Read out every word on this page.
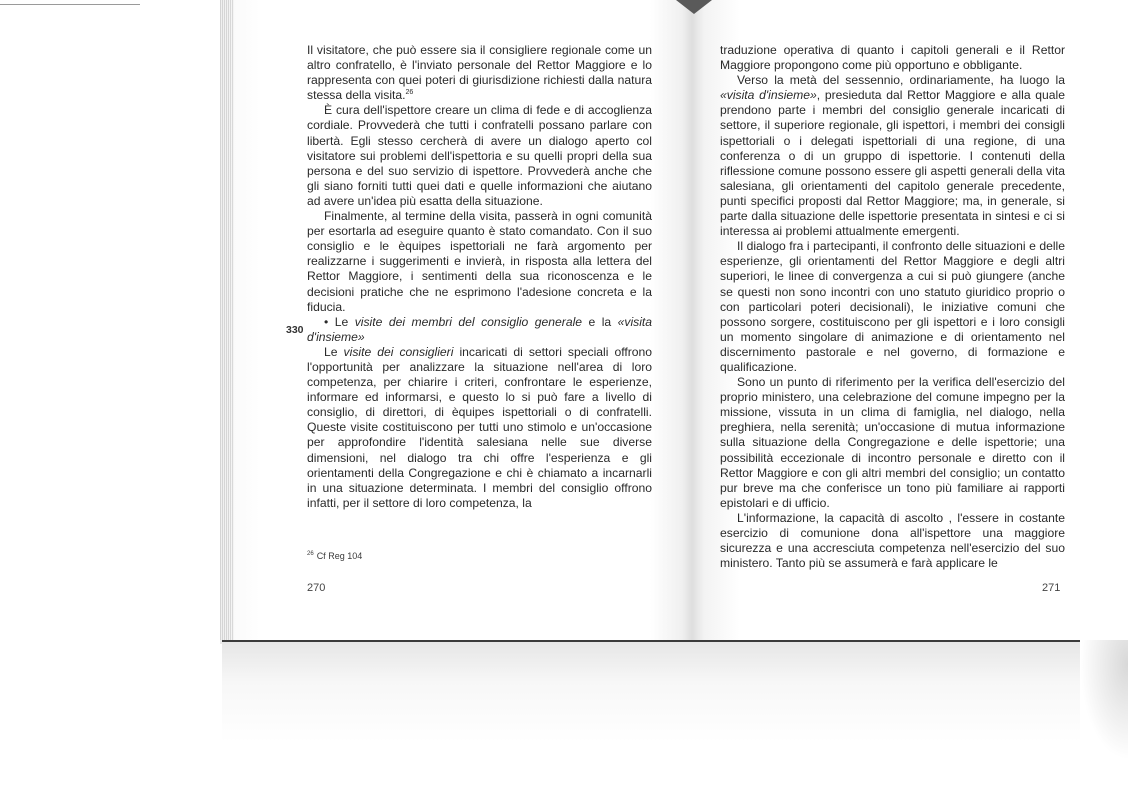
Il visitatore, che può essere sia il consigliere regionale come un altro confratello, è l'inviato personale del Rettor Maggiore e lo rappresenta con quei poteri di giurisdizione richiesti dalla natura stessa della visita.$^{26}$

È cura dell'ispettore creare un clima di fede e di accoglienza cordiale. Provvederà che tutti i confratelli possano parlare con libertà. Egli stesso cercherà di avere un dialogo aperto col visitatore sui problemi dell'ispettoria e su quelli propri della sua persona e del suo servizio di ispettore. Provvederà anche che gli siano forniti tutti quei dati e quelle informazioni che aiutano ad avere un'idea più esatta della situazione.

Finalmente, al termine della visita, passerà in ogni comunità per esortarla ad eseguire quanto è stato comandato. Con il suo consiglio e le èquipes ispettoriali ne farà argomento per realizzarne i suggerimenti e invierà, in risposta alla lettera del Rettor Maggiore, i sentimenti della sua riconoscenza e le decisioni pratiche che ne esprimono l'adesione concreta e la fiducia.

• Le visite dei membri del consiglio generale e la «visita d'insieme»

Le visite dei consiglieri incaricati di settori speciali offrono l'opportunità per analizzare la situazione nell'area di loro competenza, per chiarire i criteri, confrontare le esperienze, informare ed informarsi, e questo lo si può fare a livello di consiglio, di direttori, di èquipes ispettoriali o di confratelli. Queste visite costituiscono per tutti uno stimolo e un'occasione per approfondire l'identità salesiana nelle sue diverse dimensioni, nel dialogo tra chi offre l'esperienza e gli orientamenti della Congregazione e chi è chiamato a incarnarli in una situazione determinata. I membri del consiglio offrono infatti, per il settore di loro competenza, la

330
$^{26}$ Cf Reg 104
270

traduzione operativa di quanto i capitoli generali e il Rettor Maggiore propongono come più opportuno e obbligante.

Verso la metà del sessennio, ordinariamente, ha luogo la «visita d'insieme», presieduta dal Rettor Maggiore e alla quale prendono parte i membri del consiglio generale incaricati di settore, il superiore regionale, gli ispettori, i membri dei consigli ispettoriali o i delegati ispettoriali di una regione, di una conferenza o di un gruppo di ispettorie. I contenuti della riflessione comune possono essere gli aspetti generali della vita salesiana, gli orientamenti del capitolo generale precedente, punti specifici proposti dal Rettor Maggiore; ma, in generale, si parte dalla situazione delle ispettorie presentata in sintesi e ci si interessa ai problemi attualmente emergenti.

Il dialogo fra i partecipanti, il confronto delle situazioni e delle esperienze, gli orientamenti del Rettor Maggiore e degli altri superiori, le linee di convergenza a cui si può giungere (anche se questi non sono incontri con uno statuto giuridico proprio o con particolari poteri decisionali), le iniziative comuni che possono sorgere, costituiscono per gli ispettori e i loro consigli un momento singolare di animazione e di orientamento nel discernimento pastorale e nel governo, di formazione e qualificazione.

Sono un punto di riferimento per la verifica dell'esercizio del proprio ministero, una celebrazione del comune impegno per la missione, vissuta in un clima di famiglia, nel dialogo, nella preghiera, nella serenità; un'occasione di mutua informazione sulla situazione della Congregazione e delle ispettorie; una possibilità eccezionale di incontro personale e diretto con il Rettor Maggiore e con gli altri membri del consiglio; un contatto pur breve ma che conferisce un tono più familiare ai rapporti epistolari e di ufficio.

L'informazione, la capacità di ascolto , l'essere in costante esercizio di comunione dona all'ispettore una maggiore sicurezza e una accresciuta competenza nell'esercizio del suo ministero. Tanto più se assumerà e farà applicare le

271
